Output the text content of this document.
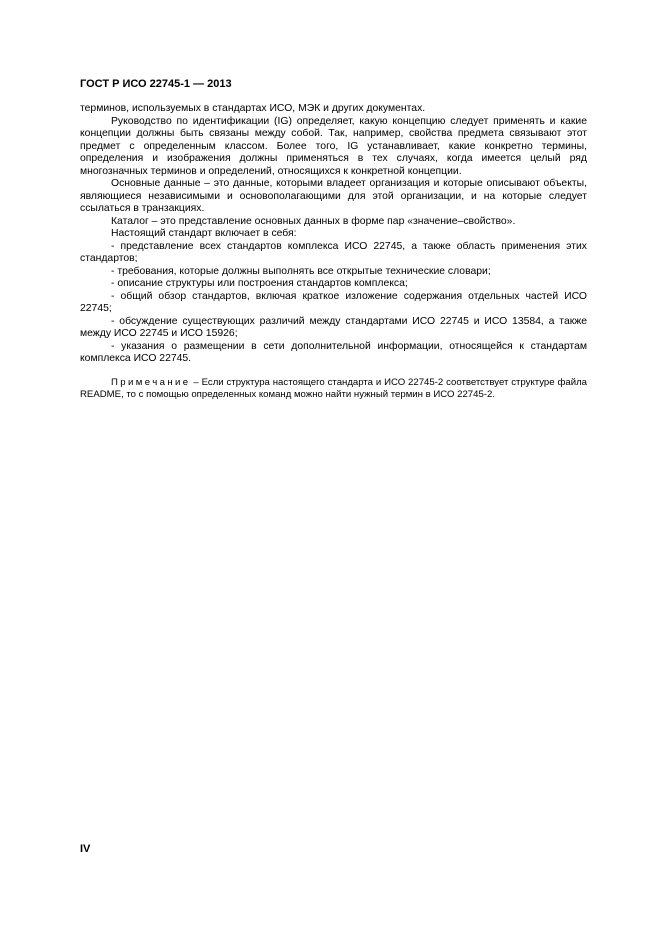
ГОСТ Р ИСО 22745-1 — 2013

терминов, используемых в стандартах ИСО, МЭК и других документах.

Руководство по идентификации (IG) определяет, какую концепцию следует применять и какие концепции должны быть связаны между собой. Так, например, свойства предмета связывают этот предмет с определенным классом. Более того, IG устанавливает, какие конкретно термины, определения и изображения должны применяться в тех случаях, когда имеется целый ряд многозначных терминов и определений, относящихся к конкретной концепции.

Основные данные – это данные, которыми владеет организация и которые описывают объекты, являющиеся независимыми и основополагающими для этой организации, и на которые следует ссылаться в транзакциях.

Каталог – это представление основных данных в форме пар «значение–свойство».

Настоящий стандарт включает в себя:

- представление всех стандартов комплекса ИСО 22745, а также область применения этих стандартов;

- требования, которые должны выполнять все открытые технические словари;

- описание структуры или построения стандартов комплекса;

- общий обзор стандартов, включая краткое изложение содержания отдельных частей ИСО 22745;

- обсуждение существующих различий между стандартами ИСО 22745 и ИСО 13584, а также между ИСО 22745 и ИСО 15926;

- указания о размещении в сети дополнительной информации, относящейся к стандартам комплекса ИСО 22745.

Примечание – Если структура настоящего стандарта и ИСО 22745-2 соответствует структуре файла README, то с помощью определенных команд можно найти нужный термин в ИСО 22745-2.

IV
